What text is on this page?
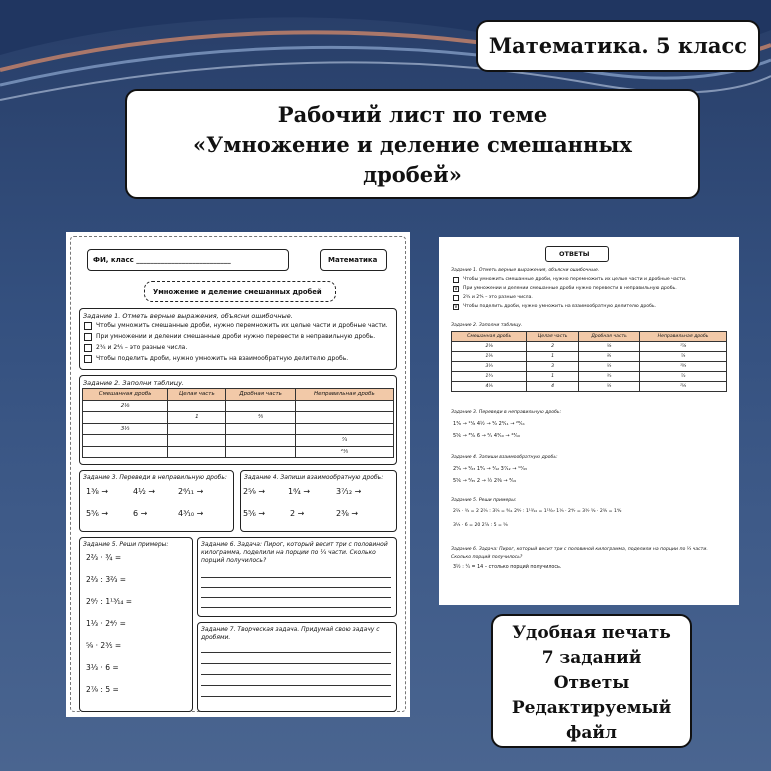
Математика. 5 класс
Рабочий лист по теме
«Умножение и деление смешанных
дробей»
ФИ, класс ___________________________	Математика
Умножение и деление смешанных дробей
Задание 1. Отметь верные выражения, объясни ошибочные.
Чтобы умножить смешанные дроби, нужно перемножить их целые части и дробные части.
При умножении и делении смешанные дроби нужно перевести в неправильную дробь.
2¾ и 2⁴⁄₅ – это разные числа.
Чтобы поделить дроби, нужно умножить на взаимообратную делителю дробь.
Задание 2. Заполни таблицу.
Смешанная дробь	Целая часть	Дробная часть	Неправильная дробь
2⅛			
	1	²⁄₅	
3⅓			
			⁷⁄₄
			²¹⁄₅
Задание 3. Переведи в неправильную дробь:
1³⁄₈ →	4½ →	2⁶⁄₁₁ →
5⅚ →	6 →	4³⁄₁₀ →
Задание 4. Запиши взаимообратную дробь:
2⁵⁄₉ →	1⁸⁄₄ →	3⁷⁄₁₂ →
5⅚ →	2 →	2⅜ →
Задание 5. Реши примеры:
2⅔ · ¾ =
2⅔ : 3⅔ =
2⁶⁄₇ : 1¹³⁄₁₄ =
1⅓ · 2⁴⁄₇ =
⁵⁄₉ · 2³⁄₅ =
3⅓ · 6 =
2⁷⁄₉ : 5 =
Задание 6. Задача: Пирог, который весит три с половиной килограмма, поделили на порции по ¼ части. Сколько порций получилось?
Задание 7. Творческая задача. Придумай свою задачу с дробями.
ОТВЕТЫ
Задание 1. Отметь верные выражения, объясни ошибочные.
Чтобы умножить смешанные дроби, нужно перемножить их целые части и дробные части.
V При умножении и делении смешанные дроби нужно перевести в неправильную дробь.
2¾ и 2⁴⁄₅ – это разные числа.
V Чтобы поделить дроби, нужно умножить на взаимообратную делителю дробь.
Задание 2. Заполни таблицу.
Смешанная дробь	Целая часть	Дробная часть	Неправильная дробь
2⅛	2	⅛	¹⁷⁄₈
1²⁄₅	1	²⁄₅	⁷⁄₅
3⅓	3	⅓	¹⁰⁄₃
1¾	1	¾	⁷⁄₄
4⅕	4	⅕	²¹⁄₅
Задание 3. Переведи в неправильную дробь:
1³⁄₈ → ¹¹⁄₈ 4½ → ⁹⁄₂ 2⁶⁄₁₁ → ²⁸⁄₁₁
5⅚ → ³⁵⁄₆ 6 → ⁶⁄₁ 4³⁄₁₀ → ⁴³⁄₁₀
Задание 4. Запиши взаимообратную дробь:
2⁵⁄₉ → ⁹⁄₂₃ 1⁸⁄₄ → ⁴⁄₁₂ 3⁷⁄₁₂ → ¹²⁄₄₃
5⅚ → ⁶⁄₃₅ 2 → ½ 2⅜ → ⁸⁄₁₉
Задание 5. Реши примеры:
2⅔ · ¾ = 2 2⅔ : 3⅔ = ⁸⁄₁₁ 2⁶⁄₇ : 1¹³⁄₁₄ = 1¹³⁄₂₇ 1⅓ · 2⁴⁄₇ = 3³⁄₇ ⁵⁄₉ · 2³⁄₅ = 1⁴⁄₉
3⅓ · 6 = 20 2⁷⁄₉ : 5 = ⁵⁄₉
Задание 6. Задача: Пирог, который весит три с половиной килограмма, поделили на порции по ¼ части.
Сколько порций получилось?
3½ : ¼ = 14 – столько порций получилось.
Удобная печать
7 заданий
Ответы
Редактируемый
файл
